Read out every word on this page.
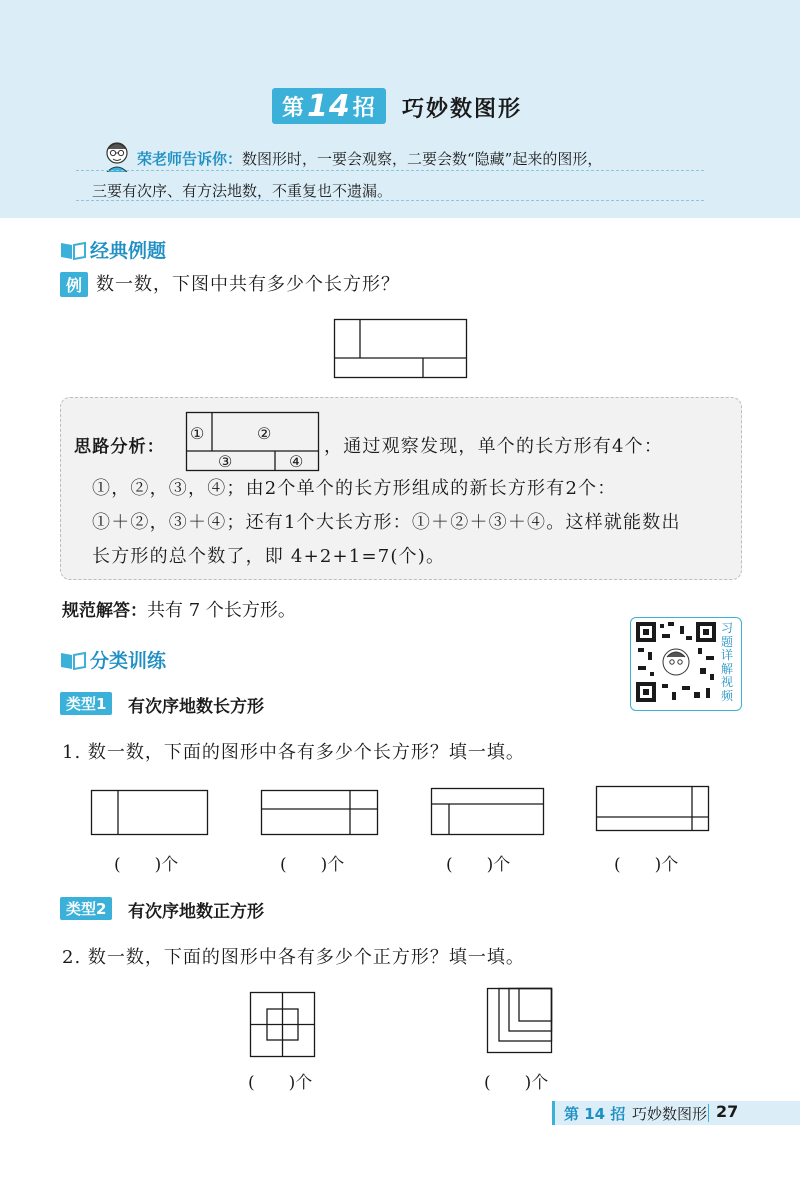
第 14 招 巧妙数图形
荣老师告诉你：数图形时，一要会观察，二要会数“隐藏”起来的图形，
三要有次序、有方法地数，不重复也不遗漏。
经典例题
例 数一数，下图中共有多少个长方形？
思路分析：
①	②
③	④
，通过观察发现，单个的长方形有4个：
①，②，③，④；由2个单个的长方形组成的新长方形有2个：
①＋②，③＋④；还有1个大长方形：①＋②＋③＋④。这样就能数出
长方形的总个数了，即 4+2+1=7(个)。
规范解答：共有 7 个长方形。
习题详解视频
分类训练
类型1	有次序地数长方形
1. 数一数，下面的图形中各有多少个长方形？填一填。
(　　)个	(　　)个	(　　)个	(　　)个
类型2	有次序地数正方形
2. 数一数，下面的图形中各有多少个正方形？填一填。
(　　)个	(　　)个
第 14 招 巧妙数图形 27
